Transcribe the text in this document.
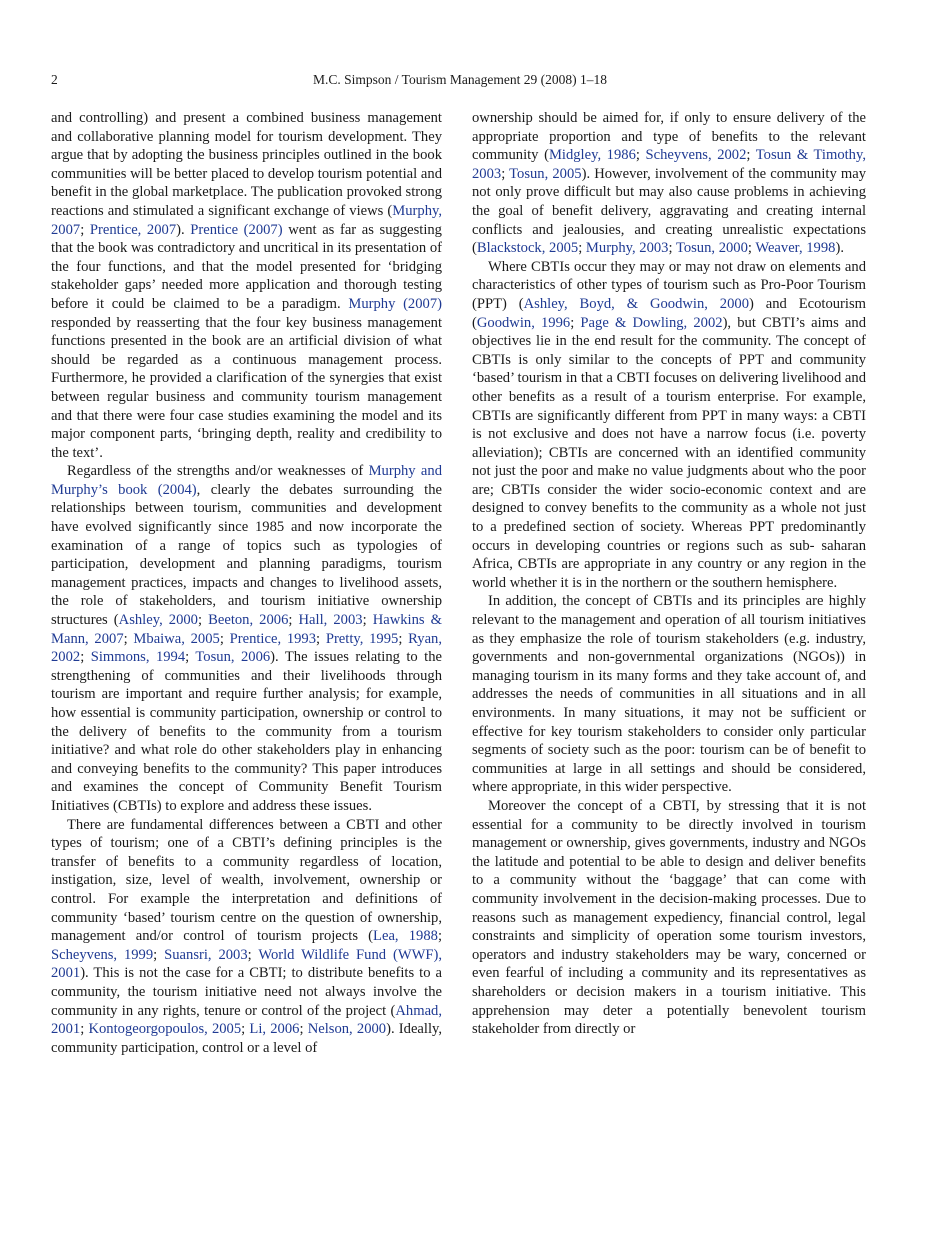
2	M.C. Simpson / Tourism Management 29 (2008) 1–18

and controlling) and present a combined business management and collaborative planning model for tourism development. They argue that by adopting the business principles outlined in the book communities will be better placed to develop tourism potential and benefit in the global marketplace. The publication provoked strong reactions and stimulated a significant exchange of views (Murphy, 2007; Prentice, 2007). Prentice (2007) went as far as suggesting that the book was contradictory and uncritical in its presentation of the four functions, and that the model presented for ‘bridging stakeholder gaps’ needed more application and thorough testing before it could be claimed to be a paradigm. Murphy (2007) responded by reasserting that the four key business management functions presented in the book are an artificial division of what should be regarded as a continuous management process. Furthermore, he provided a clarification of the synergies that exist between regular business and community tourism management and that there were four case studies examining the model and its major component parts, ‘bringing depth, reality and credibility to the text’.

Regardless of the strengths and/or weaknesses of Murphy and Murphy’s book (2004), clearly the debates surrounding the relationships between tourism, communities and development have evolved significantly since 1985 and now incorporate the examination of a range of topics such as typologies of participation, development and planning paradigms, tourism management practices, impacts and changes to livelihood assets, the role of stakeholders, and tourism initiative ownership structures (Ashley, 2000; Beeton, 2006; Hall, 2003; Hawkins & Mann, 2007; Mbaiwa, 2005; Prentice, 1993; Pretty, 1995; Ryan, 2002; Simmons, 1994; Tosun, 2006). The issues relating to the strengthening of communities and their livelihoods through tourism are important and require further analysis; for example, how essential is community participation, ownership or control to the delivery of benefits to the community from a tourism initiative? and what role do other stakeholders play in enhancing and conveying benefits to the community? This paper introduces and examines the concept of Community Benefit Tourism Initiatives (CBTIs) to explore and address these issues.

There are fundamental differences between a CBTI and other types of tourism; one of a CBTI’s defining principles is the transfer of benefits to a community regardless of location, instigation, size, level of wealth, involvement, ownership or control. For example the interpretation and definitions of community ‘based’ tourism centre on the question of ownership, management and/or control of tourism projects (Lea, 1988; Scheyvens, 1999; Suansri, 2003; World Wildlife Fund (WWF), 2001). This is not the case for a CBTI; to distribute benefits to a community, the tourism initiative need not always involve the community in any rights, tenure or control of the project (Ahmad, 2001; Kontogeorgopoulos, 2005; Li, 2006; Nelson, 2000). Ideally, community participation, control or a level of

ownership should be aimed for, if only to ensure delivery of the appropriate proportion and type of benefits to the relevant community (Midgley, 1986; Scheyvens, 2002; Tosun & Timothy, 2003; Tosun, 2005). However, involvement of the community may not only prove difficult but may also cause problems in achieving the goal of benefit delivery, aggravating and creating internal conflicts and jealousies, and creating unrealistic expectations (Blackstock, 2005; Murphy, 2003; Tosun, 2000; Weaver, 1998).

Where CBTIs occur they may or may not draw on elements and characteristics of other types of tourism such as Pro-Poor Tourism (PPT) (Ashley, Boyd, & Goodwin, 2000) and Ecotourism (Goodwin, 1996; Page & Dowling, 2002), but CBTI’s aims and objectives lie in the end result for the community. The concept of CBTIs is only similar to the concepts of PPT and community ‘based’ tourism in that a CBTI focuses on delivering livelihood and other benefits as a result of a tourism enterprise. For example, CBTIs are significantly different from PPT in many ways: a CBTI is not exclusive and does not have a narrow focus (i.e. poverty alleviation); CBTIs are concerned with an identified community not just the poor and make no value judgments about who the poor are; CBTIs consider the wider socio-economic context and are designed to convey benefits to the community as a whole not just to a predefined section of society. Whereas PPT predominantly occurs in developing countries or regions such as sub- saharan Africa, CBTIs are appropriate in any country or any region in the world whether it is in the northern or the southern hemisphere.

In addition, the concept of CBTIs and its principles are highly relevant to the management and operation of all tourism initiatives as they emphasize the role of tourism stakeholders (e.g. industry, governments and non-governmental organizations (NGOs)) in managing tourism in its many forms and they take account of, and addresses the needs of communities in all situations and in all environments. In many situations, it may not be sufficient or effective for key tourism stakeholders to consider only particular segments of society such as the poor: tourism can be of benefit to communities at large in all settings and should be considered, where appropriate, in this wider perspective.

Moreover the concept of a CBTI, by stressing that it is not essential for a community to be directly involved in tourism management or ownership, gives governments, industry and NGOs the latitude and potential to be able to design and deliver benefits to a community without the ‘baggage’ that can come with community involvement in the decision-making processes. Due to reasons such as management expediency, financial control, legal constraints and simplicity of operation some tourism investors, operators and industry stakeholders may be wary, concerned or even fearful of including a community and its representatives as shareholders or decision makers in a tourism initiative. This apprehension may deter a potentially benevolent tourism stakeholder from directly or
